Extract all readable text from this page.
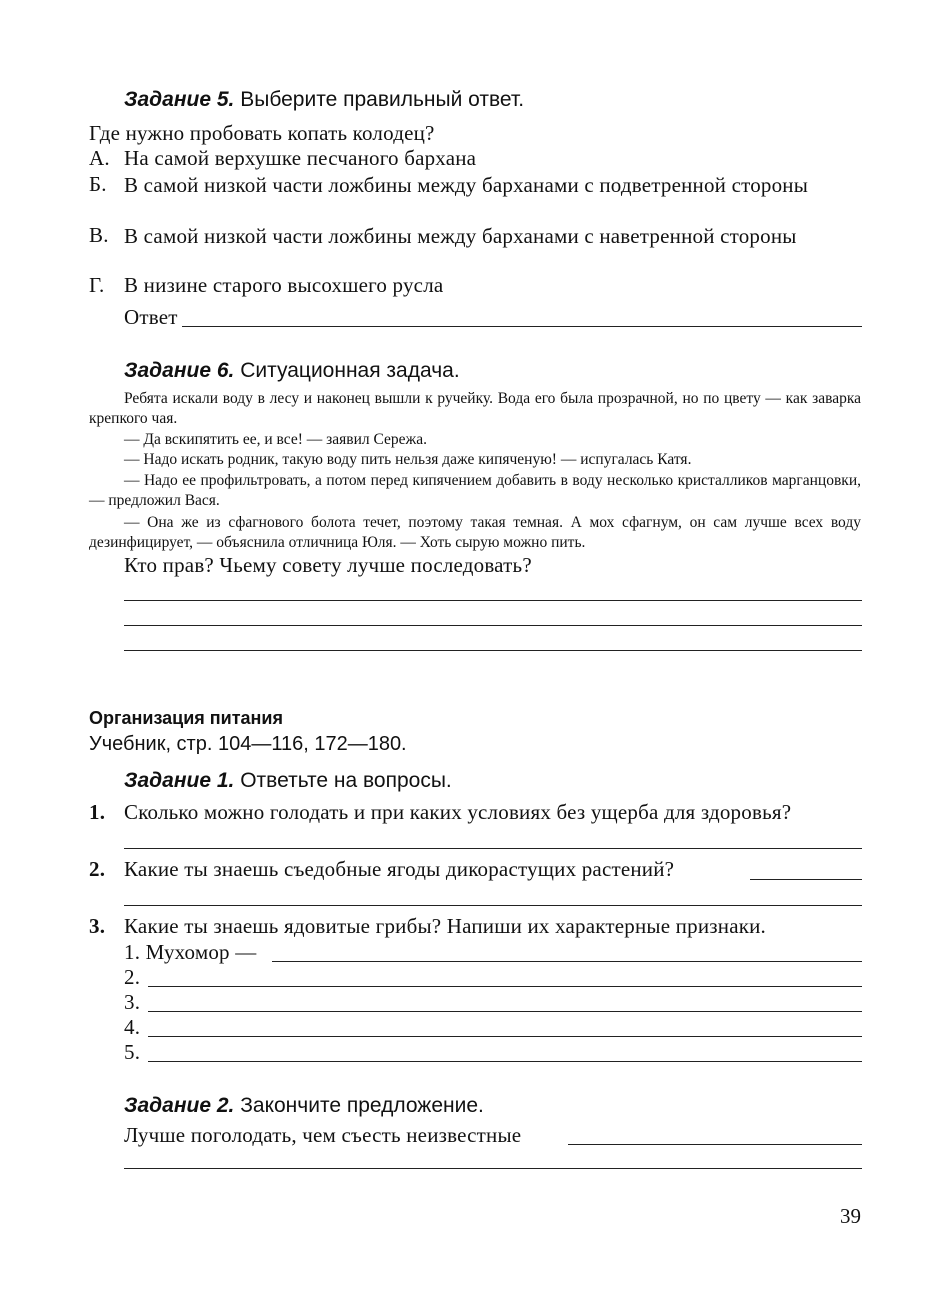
Задание 5. Выберите правильный ответ.
Где нужно пробовать копать колодец?
А. На самой верхушке песчаного бархана
Б. В самой низкой части ложбины между барханами с подветренной стороны
В. В самой низкой части ложбины между барханами с наветренной стороны
Г. В низине старого высохшего русла
Ответ
Задание 6. Ситуационная задача.
Ребята искали воду в лесу и наконец вышли к ручейку. Вода его была прозрачной, но по цвету — как заварка крепкого чая.
— Да вскипятить ее, и все! — заявил Сережа.
— Надо искать родник, такую воду пить нельзя даже кипяченую! — испугалась Катя.
— Надо ее профильтровать, а потом перед кипячением добавить в воду несколько кристалликов марганцовки, — предложил Вася.
— Она же из сфагнового болота течет, поэтому такая темная. А мох сфагнум, он сам лучше всех воду дезинфицирует, — объяснила отличница Юля. — Хоть сырую можно пить.
Кто прав? Чьему совету лучше последовать?
Организация питания
Учебник, стр. 104—116, 172—180.
Задание 1. Ответьте на вопросы.
1. Сколько можно голодать и при каких условиях без ущерба для здоровья?
2. Какие ты знаешь съедобные ягоды дикорастущих растений?
3. Какие ты знаешь ядовитые грибы? Напиши их характерные признаки.
1. Мухомор —
2.
3.
4.
5.
Задание 2. Закончите предложение.
Лучше поголодать, чем съесть неизвестные
39
